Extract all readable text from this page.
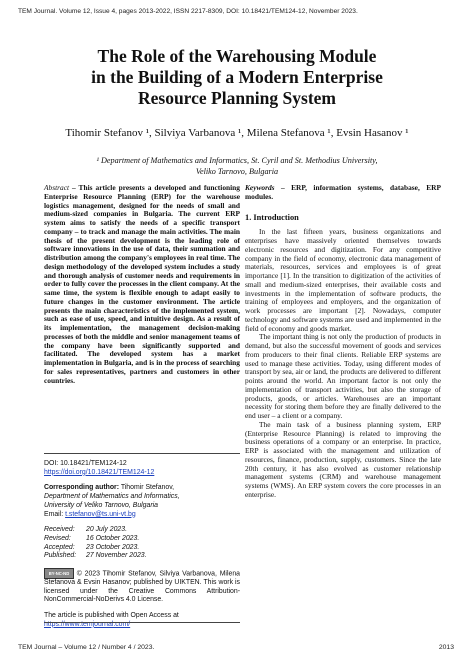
TEM Journal. Volume 12, Issue 4, pages 2013-2022, ISSN 2217-8309, DOI: 10.18421/TEM124-12, November 2023.
The Role of the Warehousing Module
in the Building of a Modern Enterprise
Resource Planning System
Tihomir Stefanov ¹, Silviya Varbanova ¹, Milena Stefanova ¹, Evsin Hasanov ¹
¹ Department of Mathematics and Informatics, St. Cyril and St. Methodius University,
Veliko Tarnovo, Bulgaria
Abstract – This article presents a developed and functioning Enterprise Resource Planning (ERP) for the warehouse logistics management, designed for the needs of small and medium-sized companies in Bulgaria. The current ERP system aims to satisfy the needs of a specific transport company – to track and manage the main activities. The main thesis of the present development is the leading role of software innovations in the use of data, their summation and distribution among the company's employees in real time. The design methodology of the developed system includes a study and thorough analysis of customer needs and requirements in order to fully cover the processes in the client company. At the same time, the system is flexible enough to adapt easily to future changes in the customer environment. The article presents the main characteristics of the implemented system, such as ease of use, speed, and intuitive design. As a result of its implementation, the management decision-making processes of both the middle and senior management teams of the company have been significantly supported and facilitated. The developed system has a market implementation in Bulgaria, and is in the process of searching for sales representatives, partners and customers in other countries.
DOI: 10.18421/TEM124-12
https://doi.org/10.18421/TEM124-12
Corresponding author: Tihomir Stefanov,
Department of Mathematics and Informatics,
University of Veliko Tarnovo, Bulgaria
Email: t.stefanov@ts.uni-vt.bg
Received:	20 July 2023.
Revised:	16 October 2023.
Accepted:	23 October 2023.
Published:	27 November 2023.
BY-NC-ND © 2023 Tihomir Stefanov, Silviya Varbanova, Milena Stefanova & Evsin Hasanov; published by UIKTEN. This work is licensed under the Creative Commons Attribution-NonCommercial-NoDerivs 4.0 License.
The article is published with Open Access at
https://www.temjournal.com/
Keywords – ERP, information systems, database, ERP modules.
1. Introduction

In the last fifteen years, business organizations and enterprises have massively oriented themselves towards electronic resources and digitization. For any competitive company in the field of economy, electronic data management of materials, resources, services and employees is of great importance [1]. In the transition to digitization of the activities of small and medium-sized enterprises, their available costs and investments in the implementation of software products, the training of employees and employers, and the organization of work processes are important [2]. Nowadays, computer technology and software systems are used and implemented in the field of economy and goods market.

The important thing is not only the production of products in demand, but also the successful movement of goods and services from producers to their final clients. Reliable ERP systems are used to manage these activities. Today, using different modes of transport by sea, air or land, the products are delivered to different points around the world. An important factor is not only the implementation of transport activities, but also the storage of products, goods, or articles. Warehouses are an important necessity for storing them before they are finally delivered to the end user – a client or a company.

The main task of a business planning system, ERP (Enterprise Resource Planning) is related to improving the business operations of a company or an enterprise. In practice, ERP is associated with the management and utilization of resources, finance, production, supply, customers. Since the late 20th century, it has also evolved as customer relationship management systems (CRM) and warehouse management systems (WMS). An ERP system covers the core processes in an enterprise.

TEM Journal – Volume 12 / Number 4 / 2023.	2013
